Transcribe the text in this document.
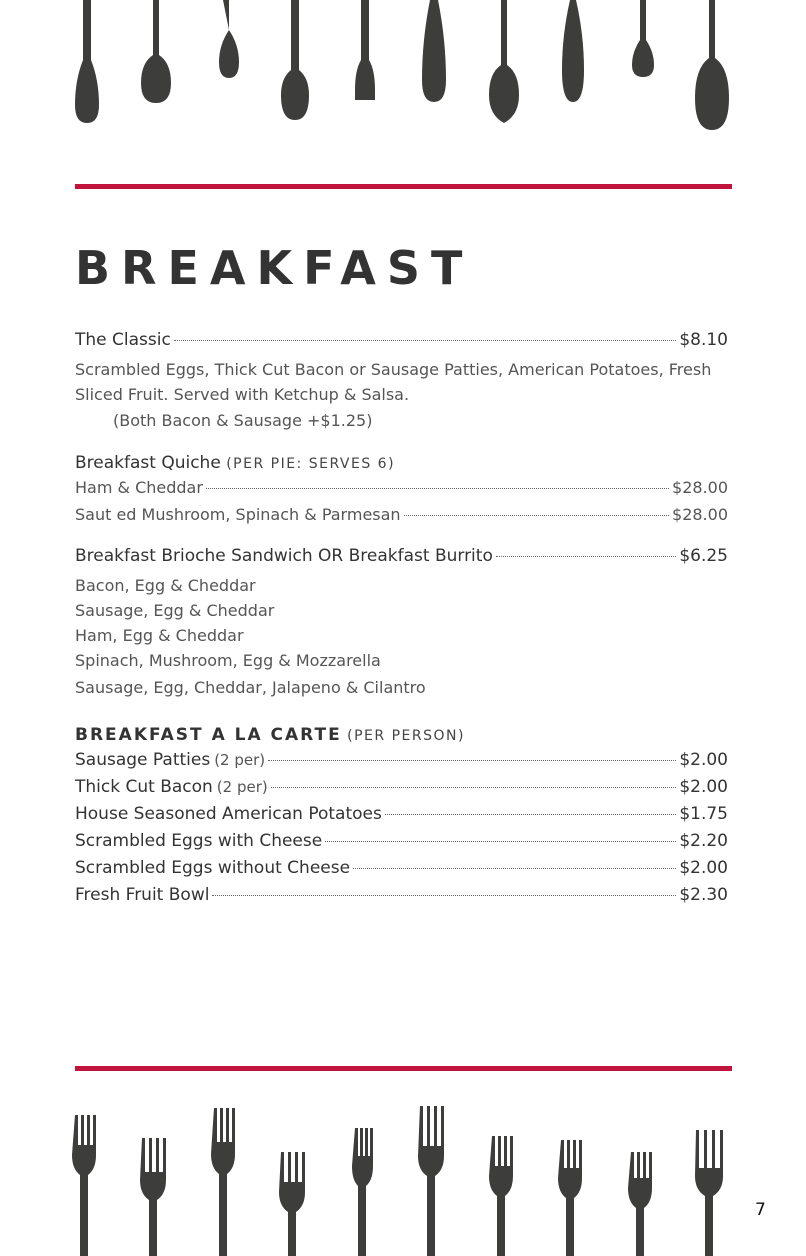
BREAKFAST
The Classic	$8.10

Scrambled Eggs, Thick Cut Bacon or Sausage Patties, American Potatoes, Fresh

Sliced Fruit. Served with Ketchup & Salsa.

(Both Bacon & Sausage +$1.25)

Breakfast Quiche (PER PIE: SERVES 6)

Ham & Cheddar	$28.00
Saut ed Mushroom, Spinach & Parmesan	$28.00
Breakfast Brioche Sandwich OR Breakfast Burrito	$6.25

Bacon, Egg & Cheddar

Sausage, Egg & Cheddar

Ham, Egg & Cheddar

Spinach, Mushroom, Egg & Mozzarella

Sausage, Egg, Cheddar, Jalapeno & Cilantro

BREAKFAST A LA CARTE (PER PERSON)

Sausage Patties (2 per)	$2.00
Thick Cut Bacon (2 per)	$2.00
House Seasoned American Potatoes	$1.75
Scrambled Eggs with Cheese	$2.20
Scrambled Eggs without Cheese	$2.00
Fresh Fruit Bowl	$2.30
7
